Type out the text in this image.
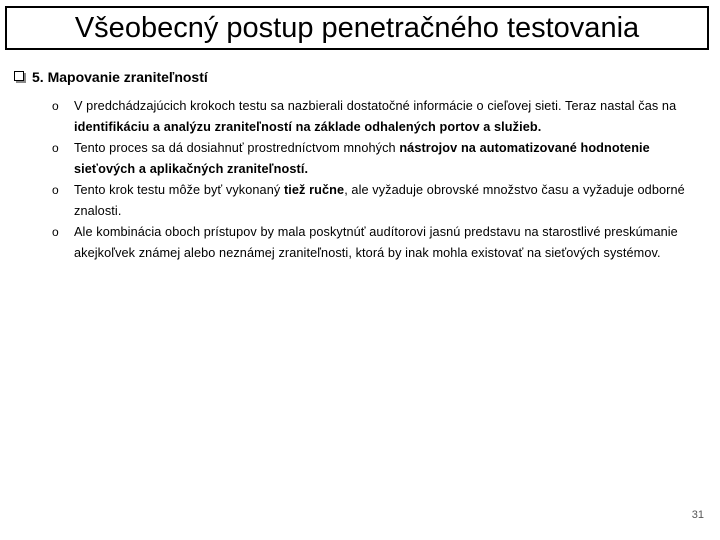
Všeobecný postup penetračného testovania
5. Mapovanie zraniteľností
o V predchádzajúcich krokoch testu sa nazbierali dostatočné informácie o cieľovej sieti. Teraz nastal čas na identifikáciu a analýzu zraniteľností na základe odhalených portov a služieb.
o Tento proces sa dá dosiahnuť prostredníctvom mnohých nástrojov na automatizované hodnotenie sieťových a aplikačných zraniteľností.
o Tento krok testu môže byť vykonaný tiež ručne, ale vyžaduje obrovské množstvo času a vyžaduje odborné znalosti.
o Ale kombinácia oboch prístupov by mala poskytnúť audítorovi jasnú predstavu na starostlivé preskúmanie akejkoľvek známej alebo neznámej zraniteľnosti, ktorá by inak mohla existovať na sieťových systémov.
31
